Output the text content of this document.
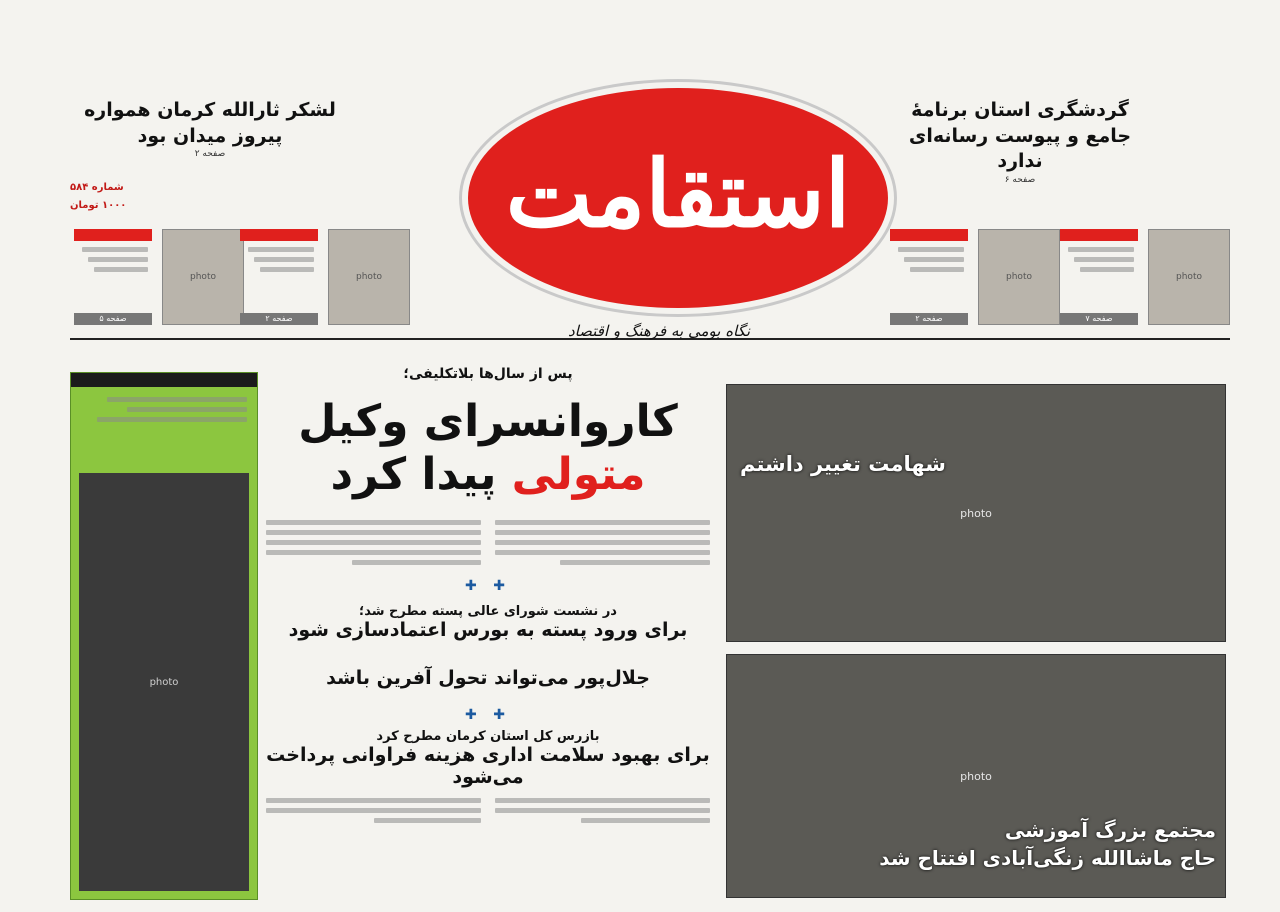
لشکر ثارالله کرمان همواره پیروز میدان بود
صفحه ۲
گردشگری استان برنامهٔ جامع و پیوست رسانه‌ای ندارد
صفحه ۶
شماره ۵۸۴
۱۰۰۰ تومان	استقامت
نگاه بومی به فرهنگ و اقتصاد
photo
صفحه ۵
photo
صفحه ۲
photo
صفحه ۲
photo
صفحه ۷
photo
پس از سال‌ها بلاتکلیفی؛
کاروانسرای وکیل
متولی پیدا کرد
✚ ✚
در نشست شورای عالی پسته مطرح شد؛
برای ورود پسته به بورس اعتمادسازی شود
جلال‌پور می‌تواند تحول آفرین باشد
✚ ✚
بازرس کل استان کرمان مطرح کرد
برای بهبود سلامت اداری هزینه فراوانی پرداخت می‌شود
photo
شهامت تغییر داشتم
photo
مجتمع بزرگ آموزشی
حاج ماشاالله زنگی‌آبادی افتتاح شد
